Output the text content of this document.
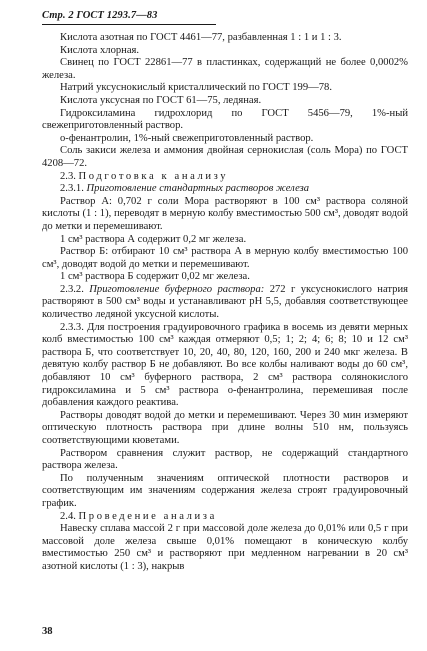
Стр. 2 ГОСТ 1293.7—83

Кислота азотная по ГОСТ 4461—77, разбавленная 1 : 1 и 1 : 3.

Кислота хлорная.

Свинец по ГОСТ 22861—77 в пластинках, содержащий не более 0,0002% железа.

Натрий уксуснокислый кристаллический по ГОСТ 199—78.

Кислота уксусная по ГОСТ 61—75, ледяная.

Гидроксиламина гидрохлорид по ГОСТ 5456—79, 1%-ный свежеприготовленный раствор.

о-фенантролин, 1%-ный свежеприготовленный раствор.

Соль закиси железа и аммония двойная сернокислая (соль Мора) по ГОСТ 4208—72.

2.3. Подготовка к анализу

2.3.1. Приготовление стандартных растворов железа

Раствор А: 0,702 г соли Мора растворяют в 100 см³ раствора соляной кислоты (1 : 1), переводят в мерную колбу вместимостью 500 см³, доводят водой до метки и перемешивают.

1 см³ раствора А содержит 0,2 мг железа.

Раствор Б: отбирают 10 см³ раствора А в мерную колбу вместимостью 100 см³, доводят водой до метки и перемешивают.

1 см³ раствора Б содержит 0,02 мг железа.

2.3.2. Приготовление буферного раствора: 272 г уксуснокислого натрия растворяют в 500 см³ воды и устанавливают рН 5,5, добавляя соответствующее количество ледяной уксусной кислоты.

2.3.3. Для построения градуировочного графика в восемь из девяти мерных колб вместимостью 100 см³ каждая отмеряют 0,5; 1; 2; 4; 6; 8; 10 и 12 см³ раствора Б, что соответствует 10, 20, 40, 80, 120, 160, 200 и 240 мкг железа. В девятую колбу раствор Б не добавляют. Во все колбы наливают воды до 60 см³, добавляют 10 см³ буферного раствора, 2 см³ раствора солянокислого гидроксиламина и 5 см³ раствора о-фенантролина, перемешивая после добавления каждого реактива.

Растворы доводят водой до метки и перемешивают. Через 30 мин измеряют оптическую плотность раствора при длине волны 510 нм, пользуясь соответствующими кюветами.

Раствором сравнения служит раствор, не содержащий стандартного раствора железа.

По полученным значениям оптической плотности растворов и соответствующим им значениям содержания железа строят градуировочный график.

2.4. Проведение анализа

Навеску сплава массой 2 г при массовой доле железа до 0,01% или 0,5 г при массовой доле железа свыше 0,01% помещают в коническую колбу вместимостью 250 см³ и растворяют при медленном нагревании в 20 см³ азотной кислоты (1 : 3), накрыв

38
